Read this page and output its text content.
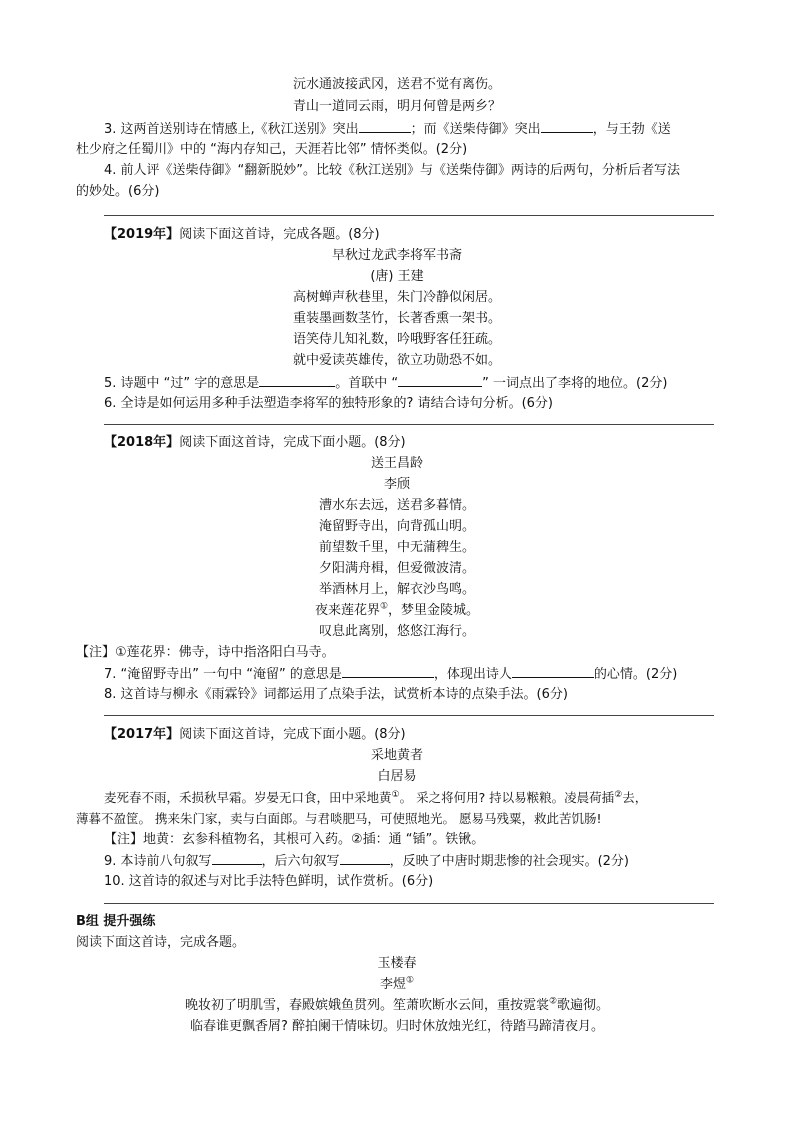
沅水通波接武冈，送君不觉有离伤。
青山一道同云雨，明月何曾是两乡？
3. 这两首送别诗在情感上,《秋江送别》突出	；而《送柴侍御》突出	，与王勃《送
杜少府之任蜀川》中的 “海内存知己，天涯若比邻” 情怀类似。(2分)
4. 前人评《送柴侍御》“翻新脱妙”。比较《秋江送别》与《送柴侍御》两诗的后两句，分析后者写法
的妙处。(6分)
【2019年】阅读下面这首诗，完成各题。(8分)
早秋过龙武李将军书斋
(唐) 王建
高树蝉声秋巷里，朱门冷静似闲居。
重装墨画数茎竹，长著香熏一架书。
语笑侍儿知礼数，吟哦野客任狂疏。
就中爱读英雄传，欲立功勋恐不如。
5. 诗题中 “过” 字的意思是	。首联中 “	” 一词点出了李将的地位。(2分)
6. 全诗是如何运用多种手法塑造李将军的独特形象的? 请结合诗句分析。(6分)
【2018年】阅读下面这首诗，完成下面小题。(8分)
送王昌龄
李颀
漕水东去远，送君多暮情。
淹留野寺出，向背孤山明。
前望数千里，中无蒲稗生。
夕阳满舟楫，但爱微波清。
举酒林月上，解衣沙鸟鸣。
夜来莲花界①，梦里金陵城。
叹息此离别，悠悠江海行。
【注】①莲花界：佛寺，诗中指洛阳白马寺。
7. “淹留野寺出” 一句中 “淹留” 的意思是	，体现出诗人	的心情。(2分)
8. 这首诗与柳永《雨霖铃》词都运用了点染手法，试赏析本诗的点染手法。(6分)
【2017年】阅读下面这首诗，完成下面小题。(8分)
采地黄者
白居易
麦死春不雨，禾损秋早霜。岁晏无口食，田中采地黄①。 采之将何用? 持以易糇粮。凌晨荷插②去，
薄暮不盈筐。 携来朱门家，卖与白面郎。与君啖肥马，可使照地光。 愿易马残粟，救此苦饥肠!
【注】地黄：玄参科植物名，其根可入药。②插：通 “锸”。铁锹。
9. 本诗前八句叙写	，后六句叙写	，反映了中唐时期悲惨的社会现实。(2分)
10. 这首诗的叙述与对比手法特色鲜明，试作赏析。(6分)
B组 提升强练
阅读下面这首诗，完成各题。
玉楼春
李煜①
晚妆初了明肌雪，春殿嫔娥鱼贯列。笙萧吹断水云间，重按霓裳②歌遍彻。
临春谁更飘香屑? 醉拍阑干情味切。归时休放烛光红，待踏马蹄清夜月。
